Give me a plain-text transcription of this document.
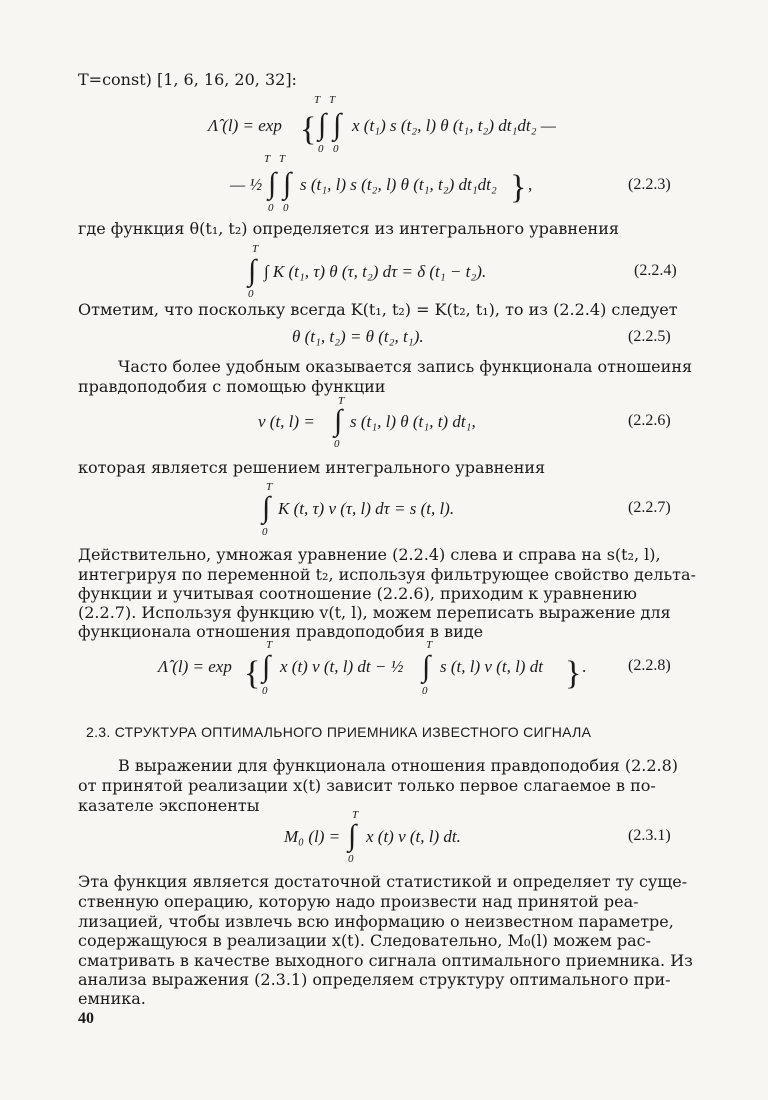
T=const) [1, 6, 16, 20, 32]:
Λ̂ (l) = exp { ∫ ∫
T T
0 0
x (t₁) s (t₂, l) θ (t₁, t₂) dt₁dt₂ —
— ½ ∫ ∫
T T
0 0
s (t₁, l) s (t₂, l) θ (t₁, t₂) dt₁dt₂ } ,	(2.2.3)
где функция θ(t₁, t₂) определяется из интегрального уравнения
∫
T
0
∫ K (t₁, τ) θ (τ, t₂) dτ = δ (t₁ − t₂).	(2.2.4)
Отметим, что поскольку всегда K(t₁, t₂) = K(t₂, t₁), то из (2.2.4) следует
θ (t₁, t₂) = θ (t₂, t₁).	(2.2.5)
Часто более удобным оказывается запись функционала отношеиня
правдоподобия с помощью функции
v (t, l) = ∫
T
0
s (t₁, l) θ (t₁, t) dt₁,	(2.2.6)
которая является решением интегрального уравнения
∫
T
0
K (t, τ) v (τ, l) dτ = s (t, l).	(2.2.7)
Действительно, умножая уравнение (2.2.4) слева и справа на s(t₂, l),
интегрируя по переменной t₂, используя фильтрующее свойство дельта-
функции и учитывая соотношение (2.2.6), приходим к уравнению
(2.2.7). Используя функцию v(t, l), можем переписать выражение для
функционала отношения правдоподобия в виде
Λ̂ (l) = exp { ∫
T
0
x (t) v (t, l) dt − ½ ∫
T
0
s (t, l) v (t, l) dt } .	(2.2.8)
2.3. СТРУКТУРА ОПТИМАЛЬНОГО ПРИЕМНИКА ИЗВЕСТНОГО СИГНАЛА
В выражении для функционала отношения правдоподобия (2.2.8)
от принятой реализации x(t) зависит только первое слагаемое в по-
казателе экспоненты
M₀ (l) = ∫
T
0
x (t) v (t, l) dt.	(2.3.1)
Эта функция является достаточной статистикой и определяет ту суще-
ственную операцию, которую надо произвести над принятой реа-
лизацией, чтобы извлечь всю информацию о неизвестном параметре,
содержащуюся в реализации x(t). Следовательно, M₀(l) можем рас-
сматривать в качестве выходного сигнала оптимального приемника. Из
анализа выражения (2.3.1) определяем структуру оптимального при-
емника.
40
